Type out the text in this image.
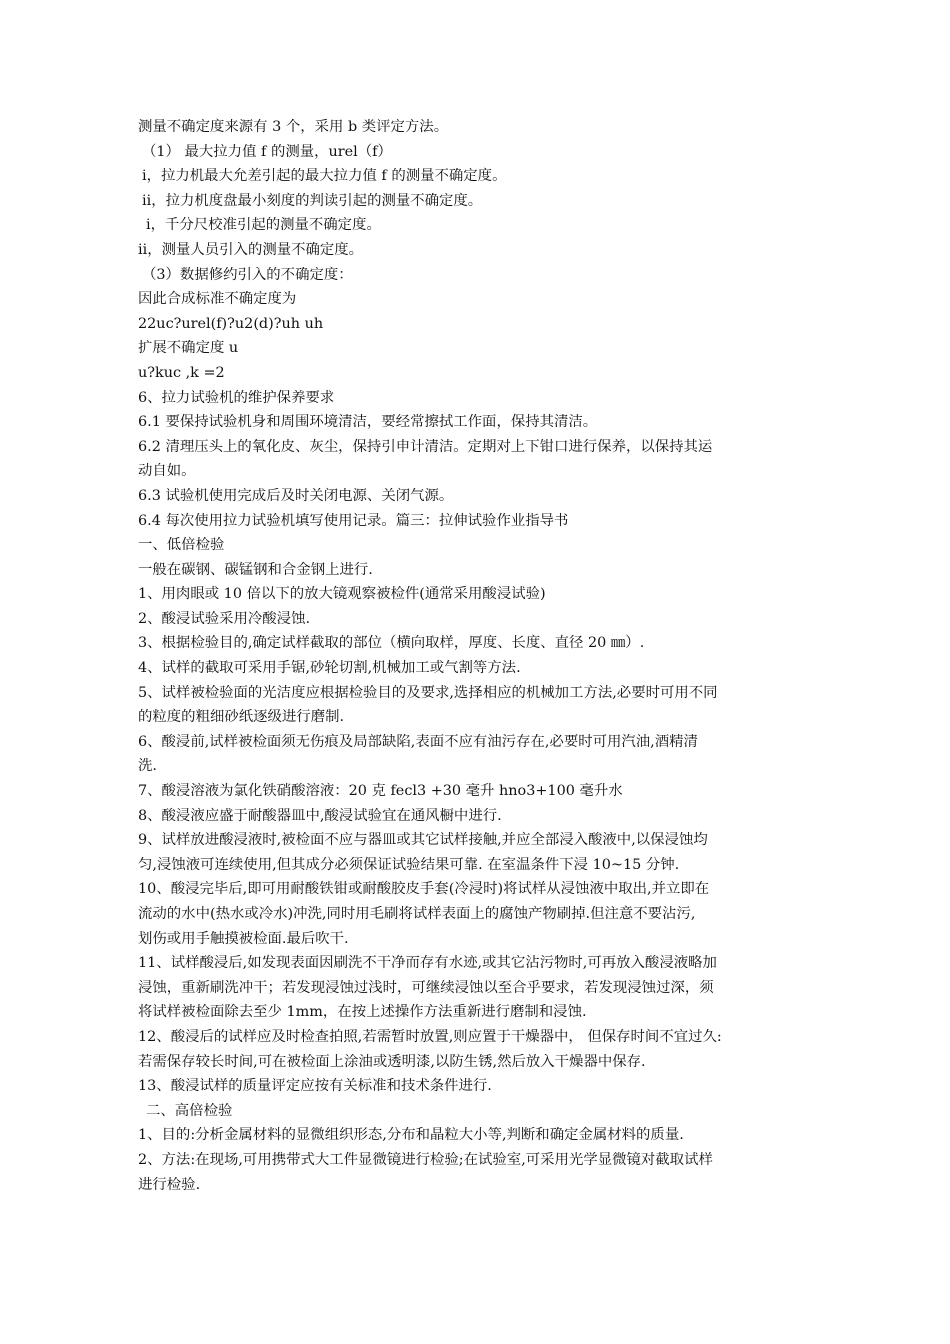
测量不确定度来源有 3 个，采用 b 类评定方法。

（1） 最大拉力值 f 的测量，urel（f）

ⅰ，拉力机最大允差引起的最大拉力值 f 的测量不确定度。

ⅱ，拉力机度盘最小刻度的判读引起的测量不确定度。

ⅰ，千分尺校准引起的测量不确定度。

ⅱ，测量人员引入的测量不确定度。

（3）数据修约引入的不确定度：

因此合成标准不确定度为

22uc?urel(f)?u2(d)?uh uh

扩展不确定度 u

u?kuc ,k =2

6、拉力试验机的维护保养要求

6.1 要保持试验机身和周围环境清洁，要经常擦拭工作面，保持其清洁。

6.2 清理压头上的氧化皮、灰尘，保持引申计清洁。定期对上下钳口进行保养，以保持其运

动自如。

6.3 试验机使用完成后及时关闭电源、关闭气源。

6.4 每次使用拉力试验机填写使用记录。篇三：拉伸试验作业指导书

一、低倍检验

一般在碳钢、碳锰钢和合金钢上进行.

1、用肉眼或 10 倍以下的放大镜观察被检件(通常采用酸浸试验)

2、酸浸试验采用冷酸浸蚀.

3、根据检验目的,确定试样截取的部位（横向取样，厚度、长度、直径 20 ㎜）.

4、试样的截取可采用手锯,砂轮切割,机械加工或气割等方法.

5、试样被检验面的光洁度应根据检验目的及要求,选择相应的机械加工方法,必要时可用不同

的粒度的粗细砂纸逐级进行磨制.

6、酸浸前,试样被检面须无伤痕及局部缺陷,表面不应有油污存在,必要时可用汽油,酒精清

洗.

7、酸浸溶液为氯化铁硝酸溶液：20 克 fecl3 +30 毫升 hno3+100 毫升水

8、酸浸液应盛于耐酸器皿中,酸浸试验宜在通风橱中进行.

9、试样放进酸浸液时,被检面不应与器皿或其它试样接触,并应全部浸入酸液中,以保浸蚀均

匀,浸蚀液可连续使用,但其成分必须保证试验结果可靠. 在室温条件下浸 10~15 分钟.

10、酸浸完毕后,即可用耐酸铁钳或耐酸胶皮手套(冷浸时)将试样从浸蚀液中取出,并立即在

流动的水中(热水或冷水)冲洗,同时用毛刷将试样表面上的腐蚀产物刷掉.但注意不要沾污,

划伤或用手触摸被检面.最后吹干.

11、试样酸浸后,如发现表面因刷洗不干净而存有水迹,或其它沾污物时,可再放入酸浸液略加

浸蚀，重新刷洗冲干；若发现浸蚀过浅时，可继续浸蚀以至合乎要求，若发现浸蚀过深，须

将试样被检面除去至少 1mm，在按上述操作方法重新进行磨制和浸蚀.

12、酸浸后的试样应及时检查拍照,若需暂时放置,则应置于干燥器中， 但保存时间不宜过久:

若需保存较长时间,可在被检面上涂油或透明漆,以防生锈,然后放入干燥器中保存.

13、酸浸试样的质量评定应按有关标准和技术条件进行.

二、高倍检验

1、目的:分析金属材料的显微组织形态,分布和晶粒大小等,判断和确定金属材料的质量.

2、方法:在现场,可用携带式大工件显微镜进行检验;在试验室,可采用光学显微镜对截取试样

进行检验.
